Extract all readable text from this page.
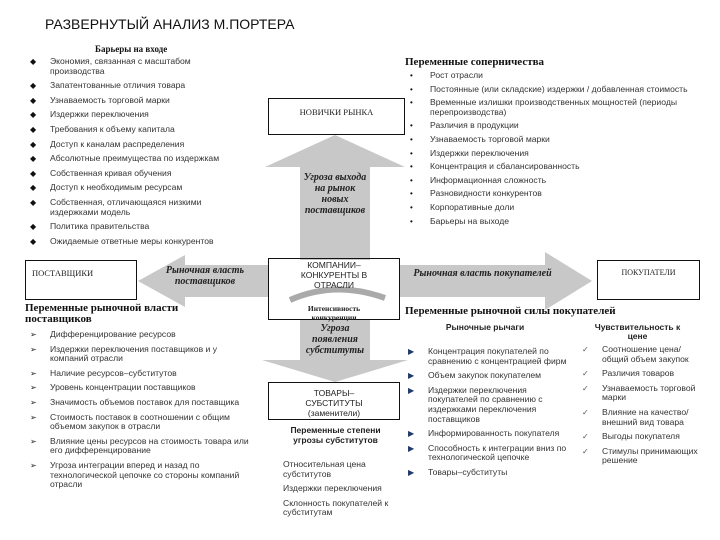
РАЗВЕРНУТЫЙ АНАЛИЗ М.ПОРТЕРА
Барьеры на входе
◆ Экономия, связанная с масштабом производства
◆ Запатентованные отличия товара
◆ Узнаваемость торговой марки
◆ Издержки переключения
◆ Требования к объему капитала
◆ Доступ к каналам распределения
◆ Абсолютные преимущества по издержкам
◆ Собственная кривая обучения
◆ Доступ к необходимым ресурсам
◆ Собственная, отличающаяся низкими издержками модель
◆ Политика правительства
◆ Ожидаемые ответные меры конкурентов
Переменные соперничества
• Рост отрасли
• Постоянные (или складские) издержки / добавленная стоимость
• Временные излишки производственных мощностей (периоды перепроизводства)
• Различия в продукции
• Узнаваемость торговой марки
• Издержки переключения
• Концентрация и сбалансированность
• Информационная сложность
• Разновидности конкурентов
• Корпоративные доли
• Барьеры на выходе
НОВИЧКИ РЫНКА
Угроза выхода на рынок новых поставщиков
ПОСТАВЩИКИ	Рыночная власть поставщиков
КОМПАНИИ–КОНКУРЕНТЫ В ОТРАСЛИ
Интенсивность конкуренции
Рыночная власть покупателей	ПОКУПАТЕЛИ
Угроза появления субституты
ТОВАРЫ–СУБСТИТУТЫ (заменители)
Переменные рыночной власти поставщиков
➢ Дифференцирование ресурсов
➢ Издержки переключения поставщиков и у компаний отрасли
➢ Наличие ресурсов–субститутов
➢ Уровень концентрации поставщиков
➢ Значимость объемов поставок для поставщика
➢ Стоимость поставок в соотношении с общим объемом закупок в отрасли
➢ Влияние цены ресурсов на стоимость товара или его дифференцирование
➢ Угроза интеграции вперед и назад по технологической цепочке со стороны компаний отрасли
Переменные степени угрозы субститутов
Относительная цена субститутов
Издержки переключения
Склонность покупателей к субститутам
Переменные рыночной силы покупателей
Рыночные рычаги	Чувствительность к цене
▶ Концентрация покупателей по сравнению с концентрацией фирм
▶ Объем закупок покупателем
▶ Издержки переключения покупателей по сравнению с издержками переключения поставщиков
▶ Информированность покупателя
▶ Способность к интеграции вниз по технологической цепочке
▶ Товары–субституты
✓ Соотношение цена/общий объем закупок
✓ Различия товаров
✓ Узнаваемость торговой марки
✓ Влияние на качество/ внешний вид товара
✓ Выгоды покупателя
✓ Стимулы принимающих решение
